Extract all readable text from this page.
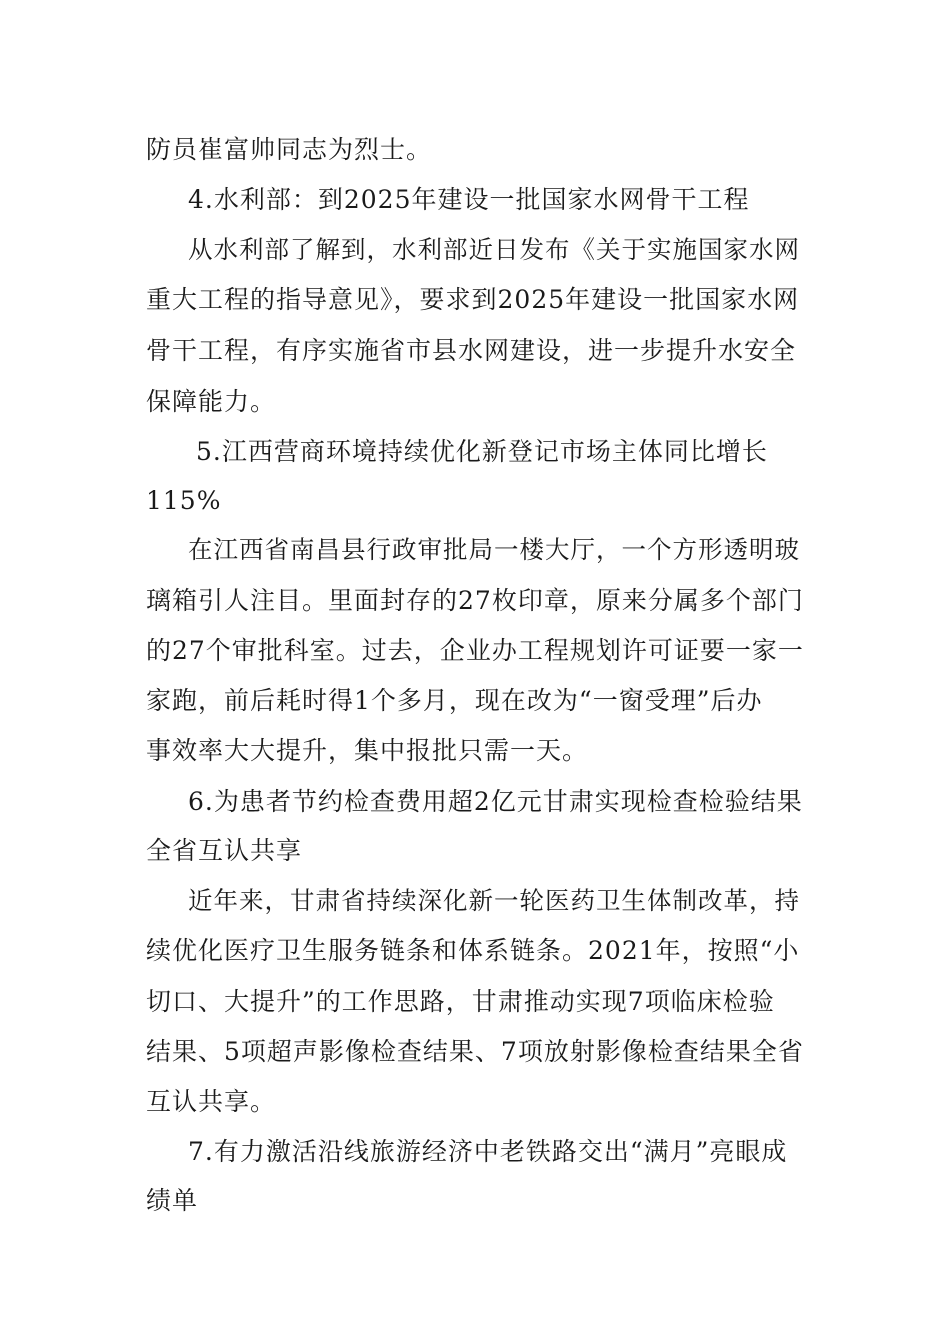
防员崔富帅同志为烈士。
4.水利部：到2025年建设一批国家水网骨干工程
从水利部了解到，水利部近日发布《关于实施国家水网
重大工程的指导意见》，要求到2025年建设一批国家水网
骨干工程，有序实施省市县水网建设，进一步提升水安全
保障能力。
5.江西营商环境持续优化新登记市场主体同比增长
115%
在江西省南昌县行政审批局一楼大厅，一个方形透明玻
璃箱引人注目。里面封存的27枚印章，原来分属多个部门
的27个审批科室。过去，企业办工程规划许可证要一家一
家跑，前后耗时得1个多月，现在改为“一窗受理”后办
事效率大大提升，集中报批只需一天。
6.为患者节约检查费用超2亿元甘肃实现检查检验结果
全省互认共享
近年来，甘肃省持续深化新一轮医药卫生体制改革，持
续优化医疗卫生服务链条和体系链条。2021年，按照“小
切口、大提升”的工作思路，甘肃推动实现7项临床检验
结果、5项超声影像检查结果、7项放射影像检查结果全省
互认共享。
7.有力激活沿线旅游经济中老铁路交出“满月”亮眼成
绩单
